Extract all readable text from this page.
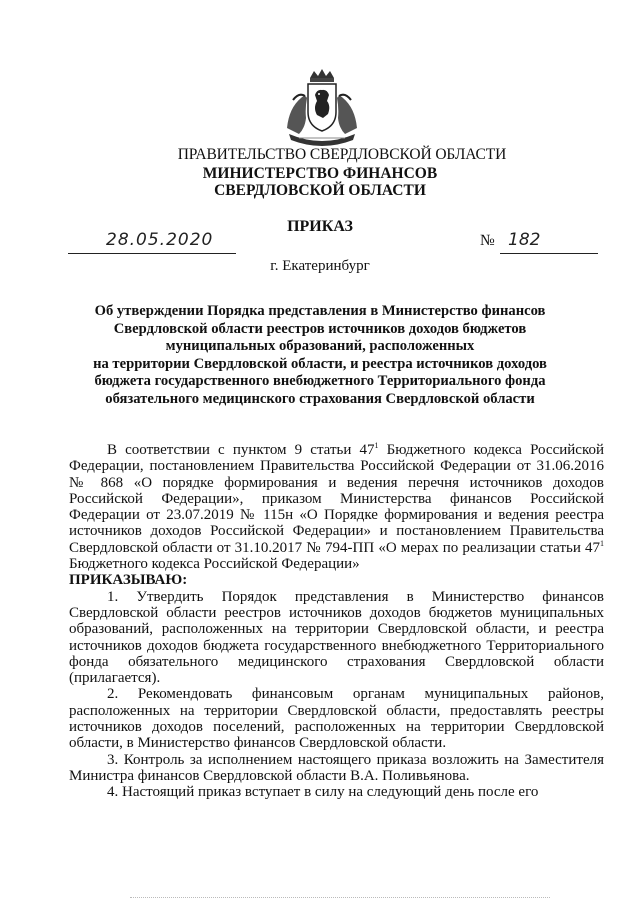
ПРАВИТЕЛЬСТВО СВЕРДЛОВСКОЙ ОБЛАСТИ
МИНИСТЕРСТВО ФИНАНСОВ
СВЕРДЛОВСКОЙ ОБЛАСТИ
ПРИКАЗ
28.05.2020	№ 182
г. Екатеринбург
Об утверждении Порядка представления в Министерство финансов
Свердловской области реестров источников доходов бюджетов
муниципальных образований, расположенных
на территории Свердловской области, и реестра источников доходов
бюджета государственного внебюджетного Территориального фонда
обязательного медицинского страхования Свердловской области

В соответствии с пунктом 9 статьи $47^1$ Бюджетного кодекса Российской Федерации, постановлением Правительства Российской Федерации от 31.06.2016 № 868 «О порядке формирования и ведения перечня источников доходов Российской Федерации», приказом Министерства финансов Российской Федерации от 23.07.2019 № 115н «О Порядке формирования и ведения реестра источников доходов Российской Федерации» и постановлением Правительства Свердловской области от 31.10.2017 № 794-ПП «О мерах по реализации статьи $47^1$ Бюджетного кодекса Российской Федерации»

ПРИКАЗЫВАЮ:

1. Утвердить Порядок представления в Министерство финансов Свердловской области реестров источников доходов бюджетов муниципальных образований, расположенных на территории Свердловской области, и реестра источников доходов бюджета государственного внебюджетного Территориального фонда обязательного медицинского страхования Свердловской области (прилагается).

2. Рекомендовать финансовым органам муниципальных районов, расположенных на территории Свердловской области, предоставлять реестры источников доходов поселений, расположенных на территории Свердловской области, в Министерство финансов Свердловской области.

3. Контроль за исполнением настоящего приказа возложить на Заместителя Министра финансов Свердловской области В.А. Поливьянова.

4. Настоящий приказ вступает в силу на следующий день после его
